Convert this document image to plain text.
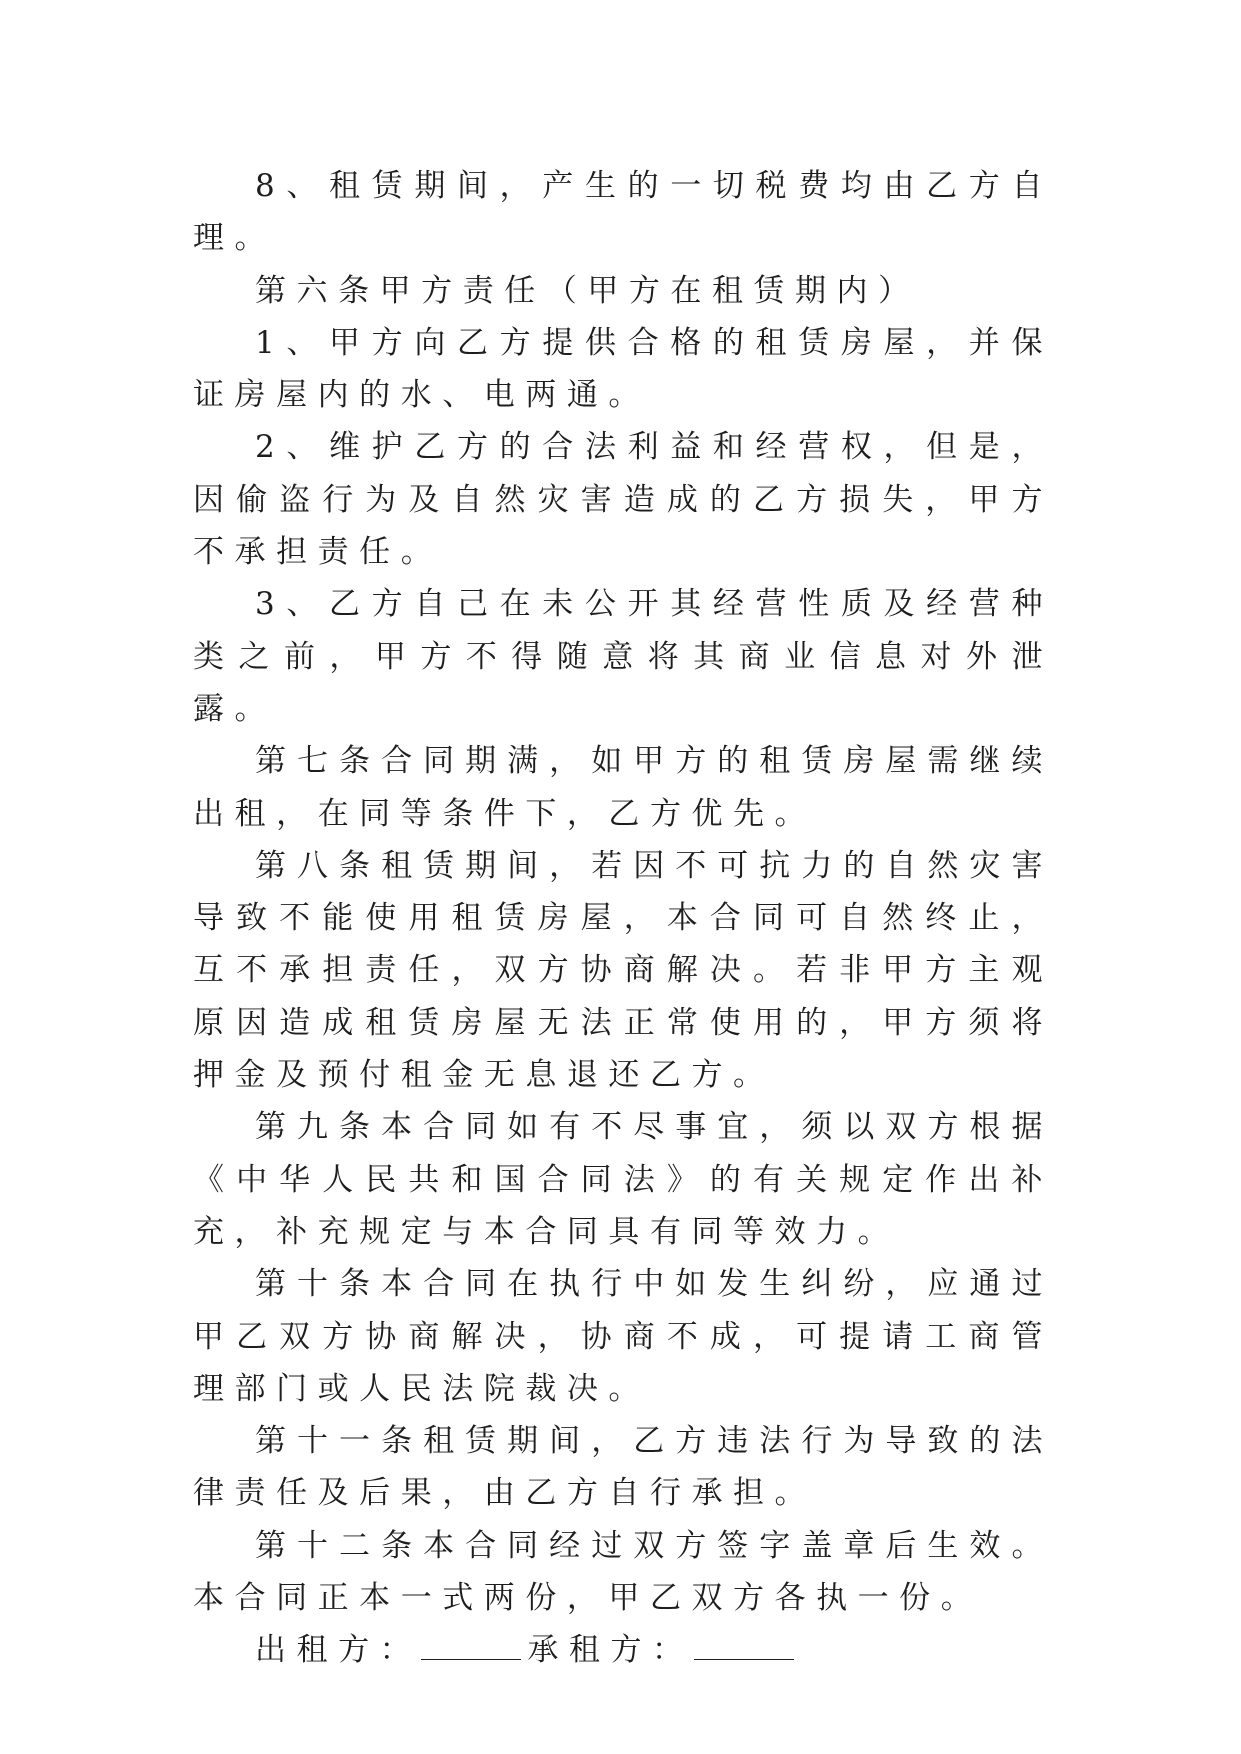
8、租赁期间，产生的一切税费均由乙方自理。

第六条甲方责任（甲方在租赁期内）

1、甲方向乙方提供合格的租赁房屋，并保证房屋内的水、电两通。

2、维护乙方的合法利益和经营权，但是，因偷盗行为及自然灾害造成的乙方损失，甲方不承担责任。

3、乙方自己在未公开其经营性质及经营种类之前，甲方不得随意将其商业信息对外泄露。

第七条合同期满，如甲方的租赁房屋需继续出租，在同等条件下，乙方优先。

第八条租赁期间，若因不可抗力的自然灾害导致不能使用租赁房屋，本合同可自然终止，互不承担责任，双方协商解决。若非甲方主观原因造成租赁房屋无法正常使用的，甲方须将押金及预付租金无息退还乙方。

第九条本合同如有不尽事宜，须以双方根据《中华人民共和国合同法》的有关规定作出补充，补充规定与本合同具有同等效力。

第十条本合同在执行中如发生纠纷，应通过甲乙双方协商解决，协商不成，可提请工商管理部门或人民法院裁决。

第十一条租赁期间，乙方违法行为导致的法律责任及后果，由乙方自行承担。

第十二条本合同经过双方签字盖章后生效。本合同正本一式两份，甲乙双方各执一份。

出租方：	承租方：
